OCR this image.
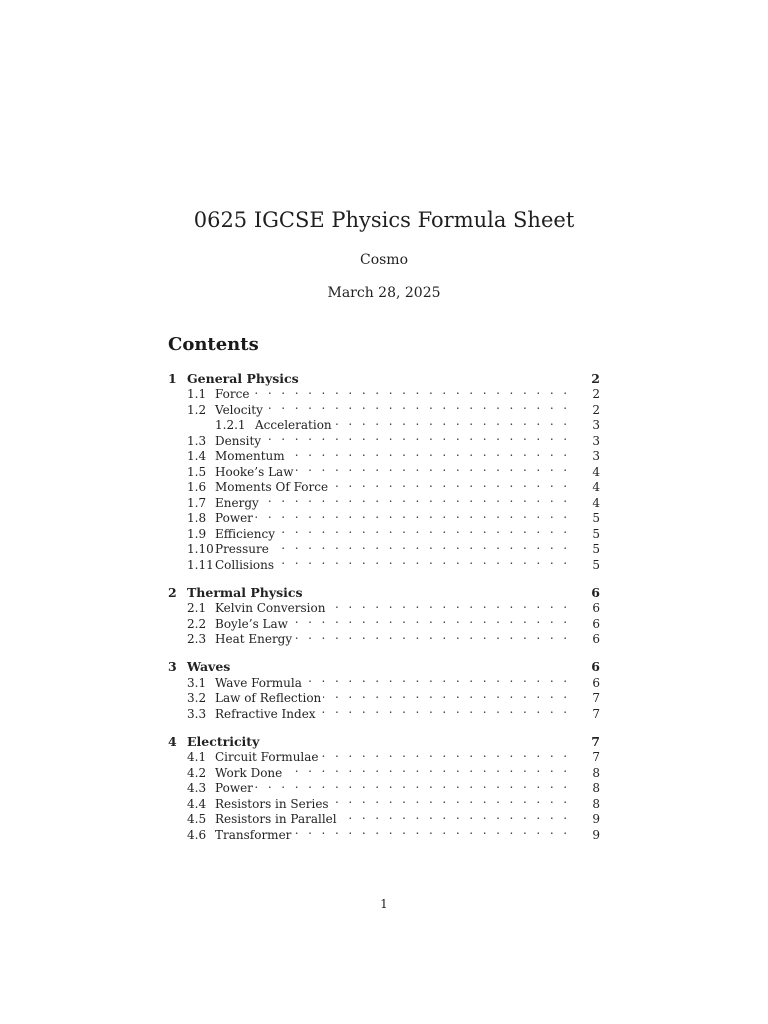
0625 IGCSE Physics Formula Sheet
Cosmo
March 28, 2025
Contents
1 General Physics	2
1.1 Force . . .	2
1.2 Velocity . . .	2
1.2.1 Acceleration . . .	3
1.3 Density . . .	3
1.4 Momentum . . .	3
1.5 Hooke’s Law . . .	4
1.6 Moments Of Force . . .	4
1.7 Energy . . .	4
1.8 Power . . .	5
1.9 Efficiency . . .	5
1.10 Pressure . . .	5
1.11 Collisions . . .	5
2 Thermal Physics	6
2.1 Kelvin Conversion . . .	6
2.2 Boyle’s Law . . .	6
2.3 Heat Energy . . .	6
3 Waves	6
3.1 Wave Formula . . .	6
3.2 Law of Reflection . . .	7
3.3 Refractive Index . . .	7
4 Electricity	7
4.1 Circuit Formulae . . .	7
4.2 Work Done . . .	8
4.3 Power . . .	8
4.4 Resistors in Series . . .	8
4.5 Resistors in Parallel . . .	9
4.6 Transformer . . .	9
1
